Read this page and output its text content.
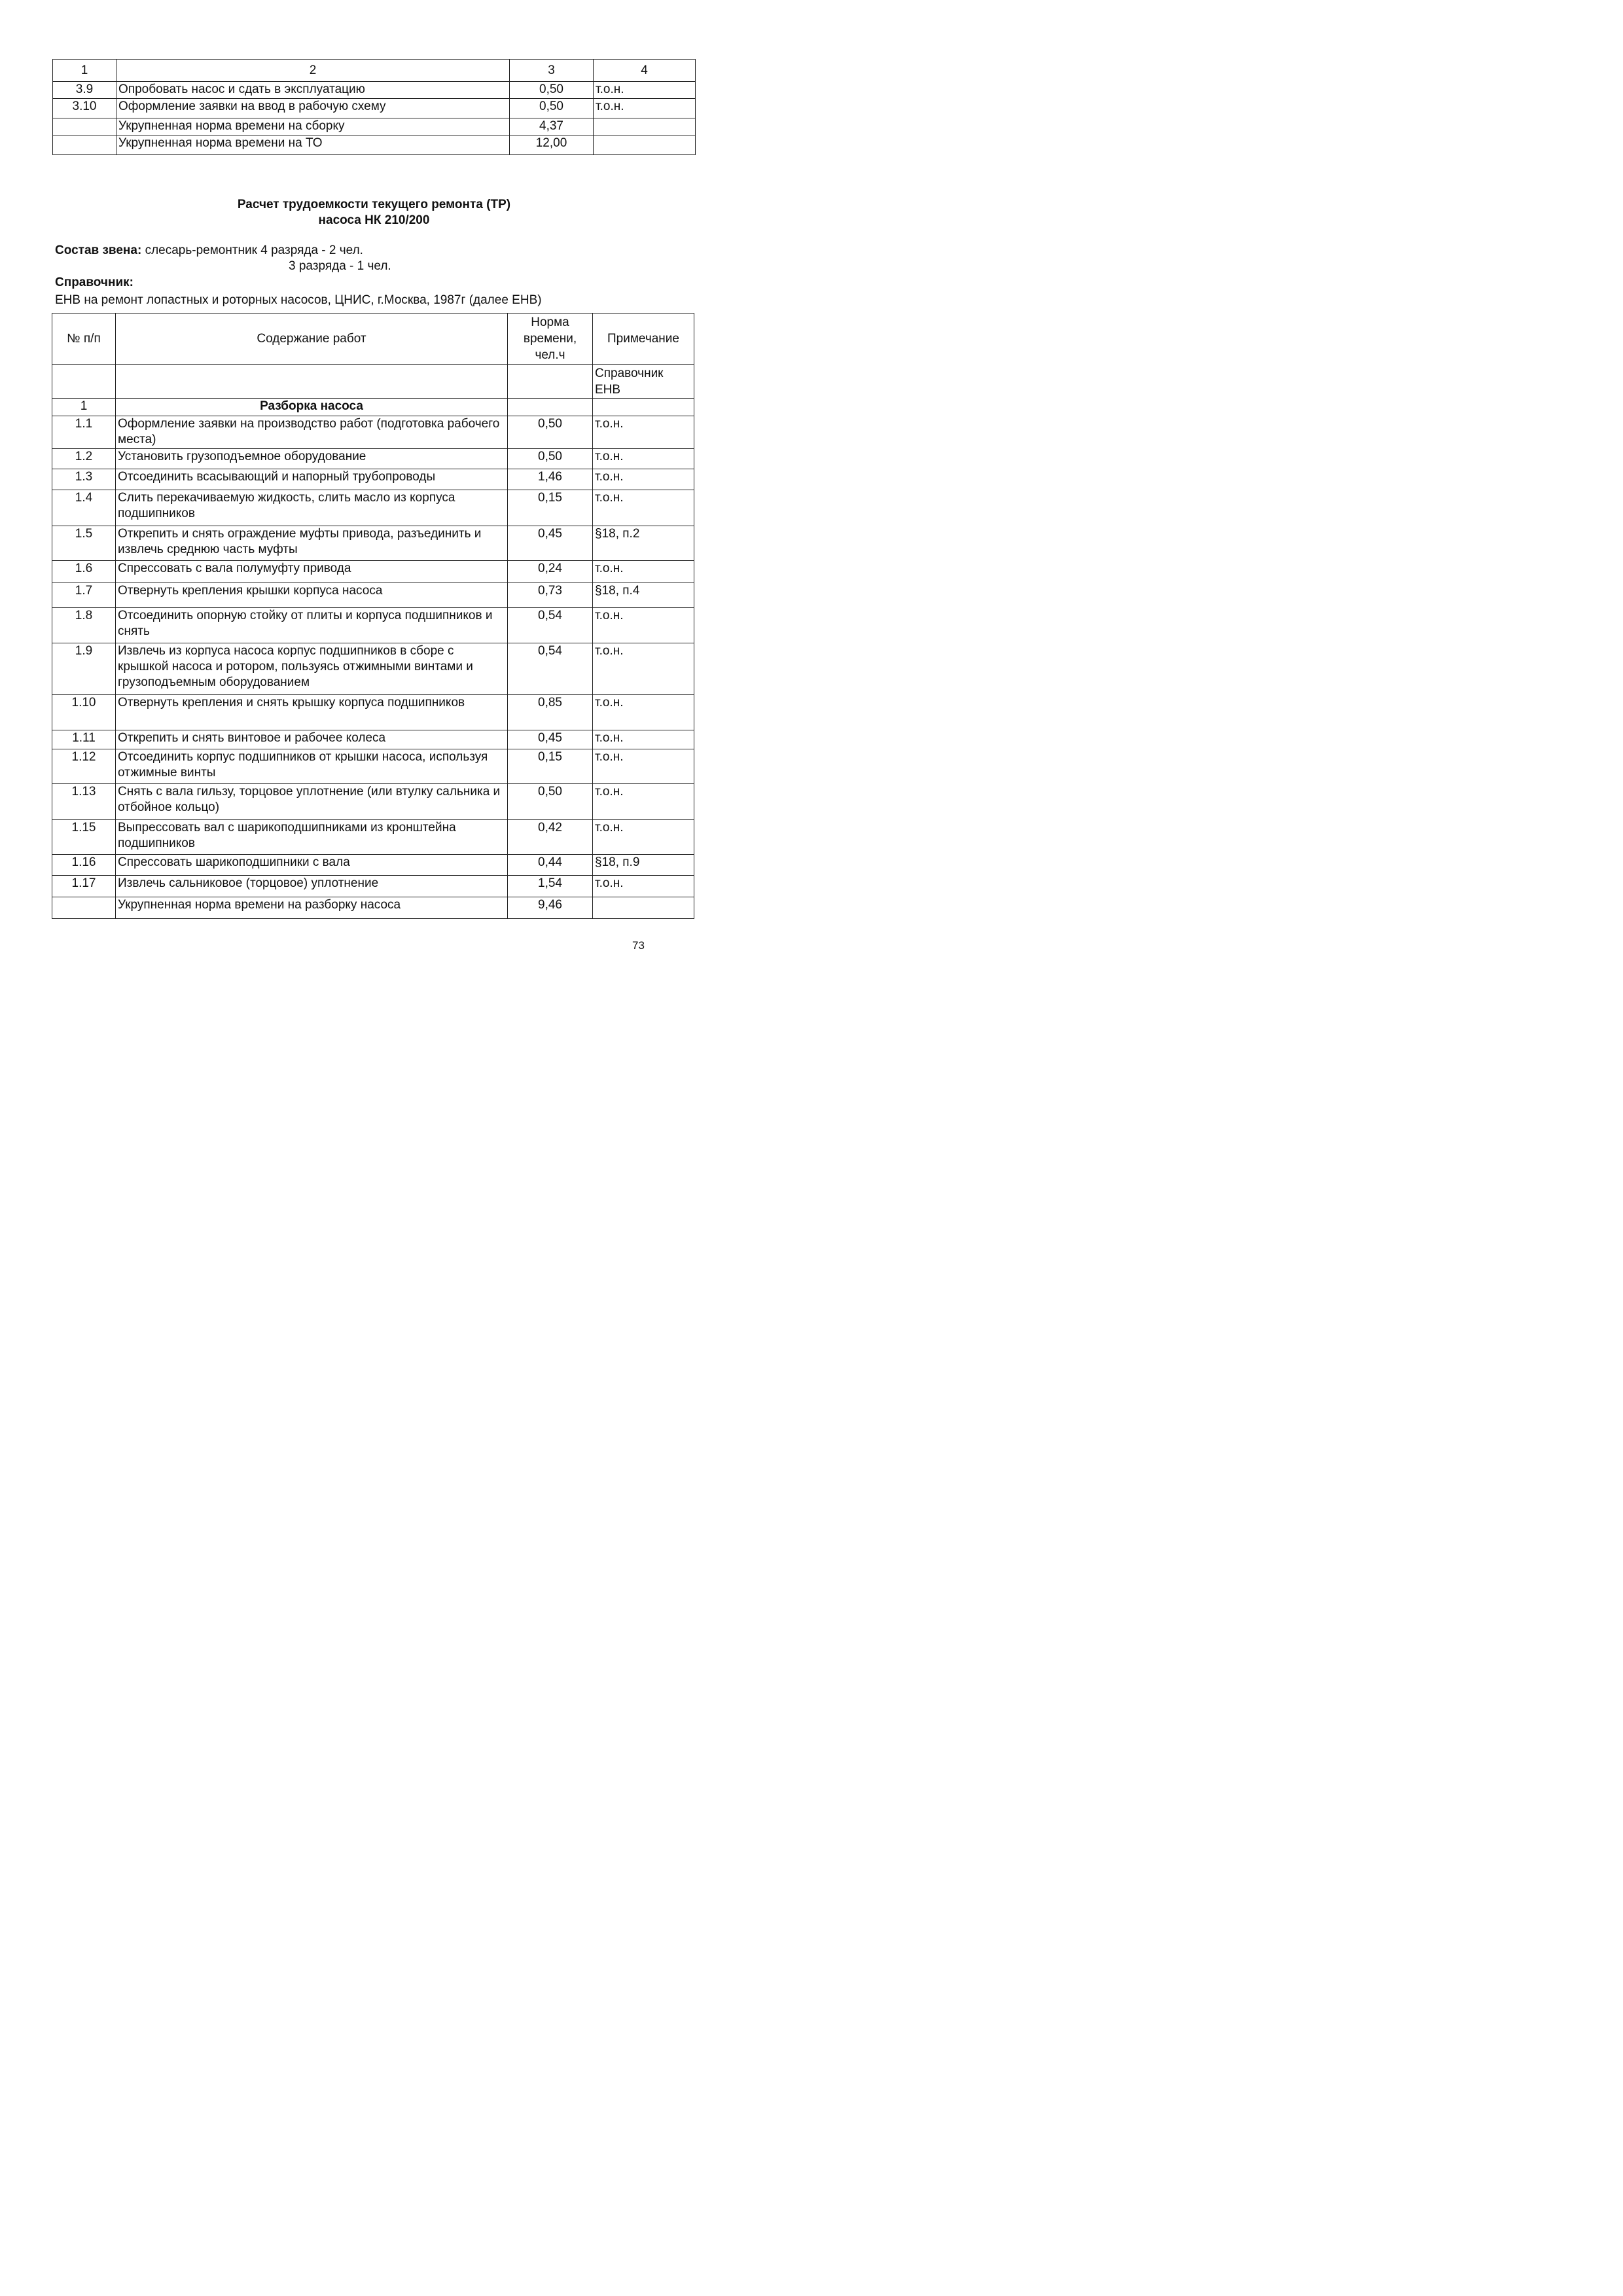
1	2	3	4
3.9	Опробовать насос и сдать в эксплуатацию	0,50	т.о.н.
3.10	Оформление заявки на ввод в рабочую схему	0,50	т.о.н.
	Укрупненная норма времени на сборку	4,37	
	Укрупненная норма времени на ТО	12,00	
Расчет трудоемкости текущего ремонта (ТР)
насоса НК 210/200
Состав звена: слесарь-ремонтник 4 разряда - 2 чел.
3 разряда - 1 чел.
Справочник:
ЕНВ на ремонт лопастных и роторных насосов, ЦНИС, г.Москва, 1987г (далее ЕНВ)
№ п/п	Содержание работ	Норма
времени,
чел.ч	Примечание
			Справочник ЕНВ
1	Разборка насоса		
1.1	Оформление заявки на производство работ (подготовка рабочего места)	0,50	т.о.н.
1.2	Установить грузоподъемное оборудование	0,50	т.о.н.
1.3	Отсоединить всасывающий и напорный трубопроводы	1,46	т.о.н.
1.4	Слить перекачиваемую жидкость, слить масло из корпуса подшипников	0,15	т.о.н.
1.5	Открепить и снять ограждение муфты привода, разъединить и извлечь среднюю часть муфты	0,45	§18, п.2
1.6	Спрессовать с вала полумуфту привода	0,24	т.о.н.
1.7	Отвернуть крепления крышки корпуса насоса	0,73	§18, п.4
1.8	Отсоединить опорную стойку от плиты и корпуса подшипников и снять	0,54	т.о.н.
1.9	Извлечь из корпуса насоса корпус подшипников в сборе с крышкой насоса и ротором, пользуясь отжимными винтами и грузоподъемным оборудованием	0,54	т.о.н.
1.10	Отвернуть крепления и снять крышку корпуса подшипников	0,85	т.о.н.
1.11	Открепить и снять винтовое и рабочее колеса	0,45	т.о.н.
1.12	Отсоединить корпус подшипников от крышки насоса, используя отжимные винты	0,15	т.о.н.
1.13	Снять с вала гильзу, торцовое уплотнение (или втулку сальника и отбойное кольцо)	0,50	т.о.н.
1.15	Выпрессовать вал с шарикоподшипниками из кронштейна подшипников	0,42	т.о.н.
1.16	Спрессовать шарикоподшипники с вала	0,44	§18, п.9
1.17	Извлечь сальниковое (торцовое) уплотнение	1,54	т.о.н.
	Укрупненная норма времени на разборку насоса	9,46	
73
